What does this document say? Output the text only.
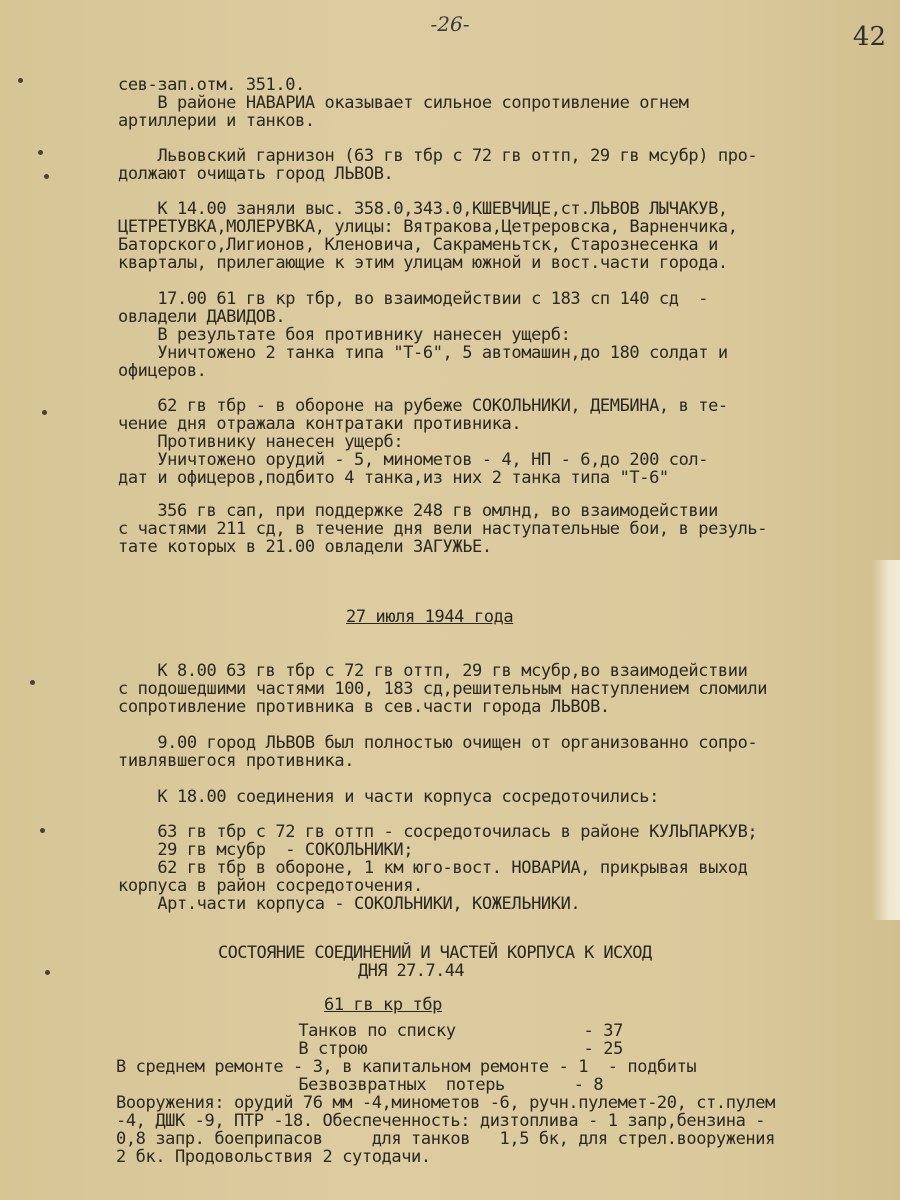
-26-	42
сев-зап.отм. 351.0.
В районе НАВАРИА оказывает сильное сопротивление огнем
артиллерии и танков.
Львовский гарнизон (63 гв тбр с 72 гв оттп, 29 гв мсубр) про-
должают очищать город ЛЬВОВ.
К 14.00 заняли выс. 358.0,343.0,КШЕВЧИЦЕ,ст.ЛЬВОВ ЛЫЧАКУВ,
ЦЕТРЕТУВКА,МОЛЕРУВКА, улицы: Вятракова,Цетреровска, Варненчика,
Баторского,Лигионов, Кленовича, Сакраменьтск, Старознесенка и
кварталы, прилегающие к этим улицам южной и вост.части города.
17.00 61 гв кр тбр, во взаимодействии с 183 сп 140 сд  -
овладели ДАВИДОВ.
В результате боя противнику нанесен ущерб:
Уничтожено 2 танка типа "Т-6", 5 автомашин,до 180 солдат и
офицеров.
62 гв тбр - в обороне на рубеже СОКОЛЬНИКИ, ДЕМБИНА, в те-
чение дня отражала контратаки противника.
Противнику нанесен ущерб:
Уничтожено орудий - 5, минометов - 4, НП - 6,до 200 сол-
дат и офицеров,подбито 4 танка,из них 2 танка типа "Т-6"
356 гв сап, при поддержке 248 гв омлнд, во взаимодействии
с частями 211 сд, в течение дня вели наступательные бои, в резуль-
тате которых в 21.00 овладели ЗАГУЖЬЕ.
27 июля 1944 года
К 8.00 63 гв тбр с 72 гв оттп, 29 гв мсубр,во взаимодействии
с подошедшими частями 100, 183 сд,решительным наступлением сломили
сопротивление противника в сев.части города ЛЬВОВ.
9.00 город ЛЬВОВ был полностью очищен от организованно сопро-
тивлявшегося противника.
К 18.00 соединения и части корпуса сосредоточились:
63 гв тбр с 72 гв оттп - сосредоточилась в районе КУЛЬПАРКУВ;
29 гв мсубр  - СОКОЛЬНИКИ;
62 гв тбр в обороне, 1 км юго-вост. НОВАРИА, прикрывая выход
корпуса в район сосредоточения.
Арт.части корпуса - СОКОЛЬНИКИ, КОЖЕЛЬНИКИ.
СОСТОЯНИЕ СОЕДИНЕНИЙ И ЧАСТЕЙ КОРПУСА К ИСХОД
ДНЯ 27.7.44
61 гв кр тбр
Танков по списку             - 37
В строю                      - 25
В среднем ремонте - 3, в капитальном ремонте - 1  - подбиты
Безвозвратных  потерь       - 8
Вооружения: орудий 76 мм -4,минометов -6, ручн.пулемет-20, ст.пулем
-4, ДШК -9, ПТР -18. Обеспеченность: дизтоплива - 1 запр,бензина -
0,8 запр. боеприпасов     для танков   1,5 бк, для стрел.вооружения
2 бк. Продовольствия 2 сутодачи.
